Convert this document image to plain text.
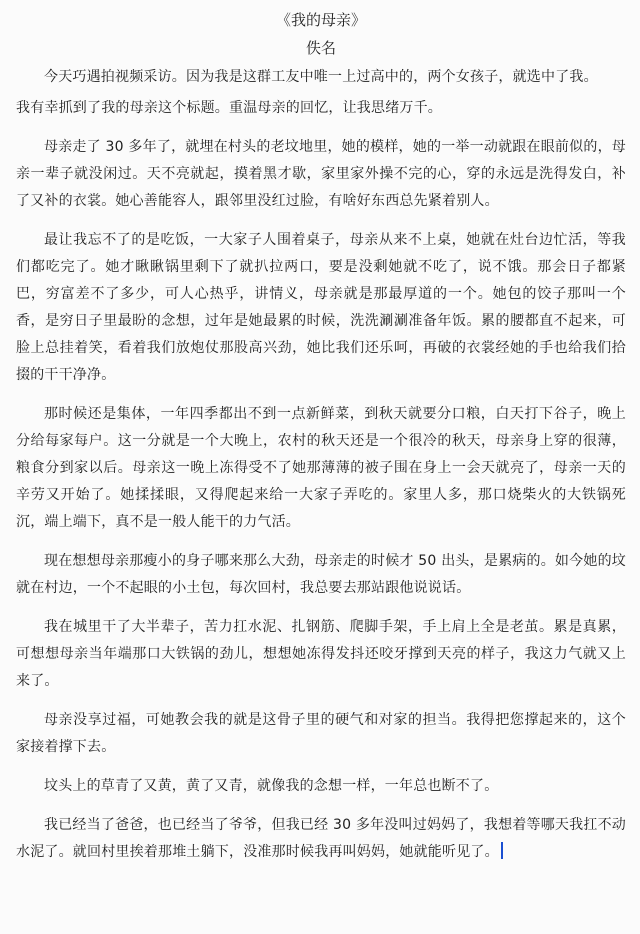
《我的母亲》
佚名

今天巧遇拍视频采访。因为我是这群工友中唯一上过高中的，两个女孩子，就选中了我。

我有幸抓到了我的母亲这个标题。重温母亲的回忆，让我思绪万千。

母亲走了 30 多年了，就埋在村头的老坟地里，她的模样，她的一举一动就跟在眼前似的，母亲一辈子就没闲过。天不亮就起，摸着黑才歇，家里家外操不完的心，穿的永远是洗得发白，补了又补的衣裳。她心善能容人，跟邻里没红过脸，有啥好东西总先紧着别人。

最让我忘不了的是吃饭，一大家子人围着桌子，母亲从来不上桌，她就在灶台边忙活，等我们都吃完了。她才瞅瞅锅里剩下了就扒拉两口，要是没剩她就不吃了，说不饿。那会日子都紧巴，穷富差不了多少，可人心热乎，讲情义，母亲就是那最厚道的一个。她包的饺子那叫一个香，是穷日子里最盼的念想，过年是她最累的时候，洗洗涮涮准备年饭。累的腰都直不起来，可脸上总挂着笑，看着我们放炮仗那股高兴劲，她比我们还乐呵，再破的衣裳经她的手也给我们拾掇的干干净净。

那时候还是集体，一年四季都出不到一点新鲜菜，到秋天就要分口粮，白天打下谷子，晚上分给每家每户。这一分就是一个大晚上，农村的秋天还是一个很冷的秋天，母亲身上穿的很薄，粮食分到家以后。母亲这一晚上冻得受不了她那薄薄的被子围在身上一会天就亮了，母亲一天的辛劳又开始了。她揉揉眼，又得爬起来给一大家子弄吃的。家里人多，那口烧柴火的大铁锅死沉，端上端下，真不是一般人能干的力气活。

现在想想母亲那瘦小的身子哪来那么大劲，母亲走的时候才 50 出头，是累病的。如今她的坟就在村边，一个不起眼的小土包，每次回村，我总要去那站跟他说说话。

我在城里干了大半辈子，苦力扛水泥、扎钢筋、爬脚手架，手上肩上全是老茧。累是真累，可想想母亲当年端那口大铁锅的劲儿，想想她冻得发抖还咬牙撑到天亮的样子，我这力气就又上来了。

母亲没享过福，可她教会我的就是这骨子里的硬气和对家的担当。我得把您撑起来的，这个家接着撑下去。

坟头上的草青了又黄，黄了又青，就像我的念想一样，一年总也断不了。

我已经当了爸爸，也已经当了爷爷，但我已经 30 多年没叫过妈妈了，我想着等哪天我扛不动水泥了。就回村里挨着那堆土躺下，没准那时候我再叫妈妈，她就能听见了。
